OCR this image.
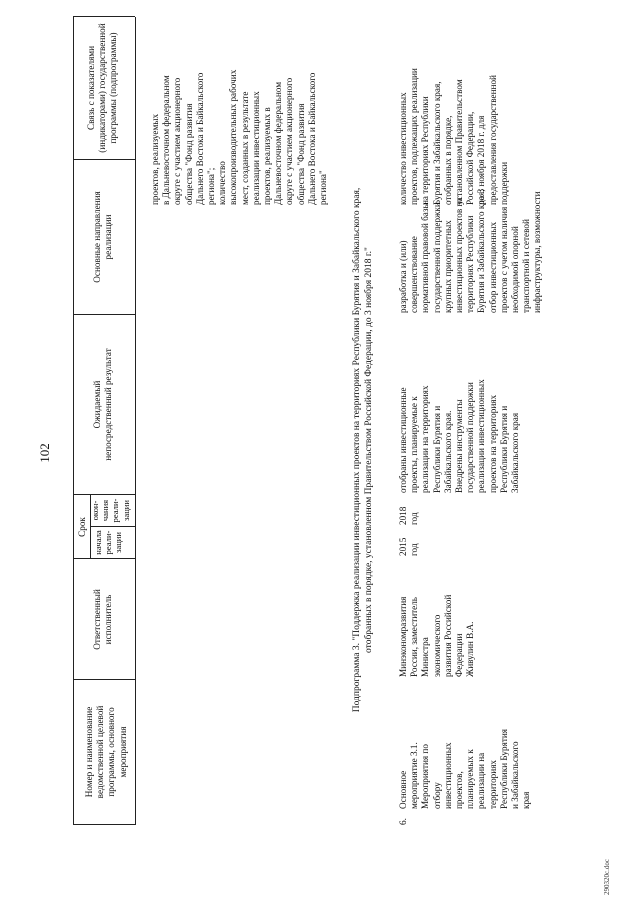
102
Номер и наименование
ведомственной целевой
программы, основного
мероприятия
Ответственный
исполнитель
Срок
начала
реали-
зации
окон-
чания
реали-
зации
Ожидаемый
непосредственный результат
Основные направления
реализации
Связь с показателями
(индикаторами) государственной
программы (подпрограммы)
проектов, реализуемых
в Дальневосточном федеральном
округе с участием акционерного
общества "Фонд развития
Дальнего Востока и Байкальского
региона";
количество
высокопроизводительных рабочих
мест, созданных в результате
реализации инвестиционных
проектов, реализуемых в
Дальневосточном федеральном
округе с участием акционерного
общества "Фонд развития
Дальнего Востока и Байкальского
региона"
Подпрограмма 3. "Поддержка реализации инвестиционных проектов на территориях Республики Бурятия и Забайкальского края,
отобранных в порядке, установленном Правительством Российской Федерации, до 3 ноября 2018 г."
6.
Основное
мероприятие 3.1.
Мероприятия по
отбору
инвестиционных
проектов,
планируемых к
реализации на
территориях
Республики Бурятия
и Забайкальского
края
Минэкономразвития
России, заместитель
Министра
экономического
развития Российской
Федерации
Живулин В.А.
2015
год
2018
год
отобраны инвестиционные
проекты, планируемые к
реализации на территориях
Республики Бурятия и
Забайкальского края.
Внедрены инструменты
государственной поддержки
реализации инвестиционных
проектов на территориях
Республики Бурятия и
Забайкальского края
разработка и (или)
совершенствование
нормативной правовой базы
государственной поддержки
крупных приоритетных
инвестиционных проектов на
территориях Республики
Бурятия и Забайкальского края;
отбор инвестиционных
проектов с учетом наличия
необходимой опорной
транспортной и сетевой
инфраструктуры, возможности
количество инвестиционных
проектов, подлежащих реализации
на территориях Республики
Бурятия и Забайкальского края,
отобранных в порядке,
установленном Правительством
Российской Федерации,
до 3 ноября 2018 г. для
предоставления государственной
поддержки
290320с.doc
